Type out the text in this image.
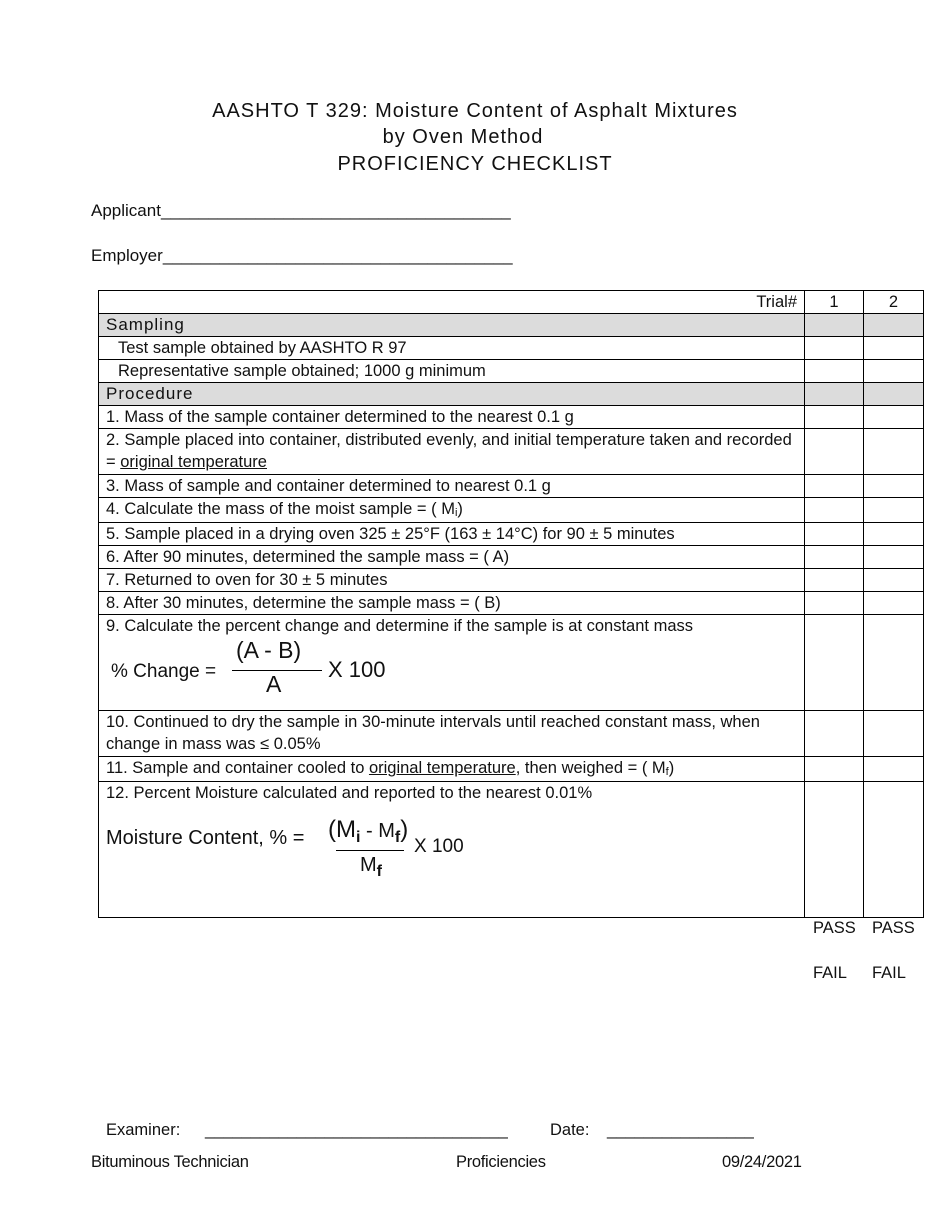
AASHTO T 329: Moisture Content of Asphalt Mixtures
by Oven Method
PROFICIENCY CHECKLIST
Applicant_____________________________________
Employer_____________________________________
Trial#	1	2
Sampling		
Test sample obtained by AASHTO R 97		
Representative sample obtained; 1000 g minimum		
Procedure		
1. Mass of the sample container determined to the nearest 0.1 g		
2. Sample placed into container, distributed evenly, and initial temperature taken and recorded = original temperature		
3. Mass of sample and container determined to nearest 0.1 g		
4. Calculate the mass of the moist sample = ( $M_i$)		
5. Sample placed in a drying oven 325 ± 25°F (163 ± 14°C) for 90 ± 5 minutes		
6. After 90 minutes, determined the sample mass = ( A)		
7. Returned to oven for 30 ± 5 minutes		
8. After 30 minutes, determine the sample mass = ( B)		

9. Calculate the percent change and determine if the sample is at constant mass
% Change =
(A - B)
A
X 100		

10. Continued to dry the sample in 30-minute intervals until reached constant mass, when change in mass was ≤ 0.05%		
11. Sample and container cooled to original temperature, then weighed = ( $M_f$)		

12. Percent Moisture calculated and reported to the nearest 0.01%
Moisture Content, % = $(M_i - M_f)$
$M_f$
X 100		

PASS PASS
FAIL FAIL
Examiner: _________________________________	Date: ________________
Bituminous Technician	Proficiencies	09/24/2021
